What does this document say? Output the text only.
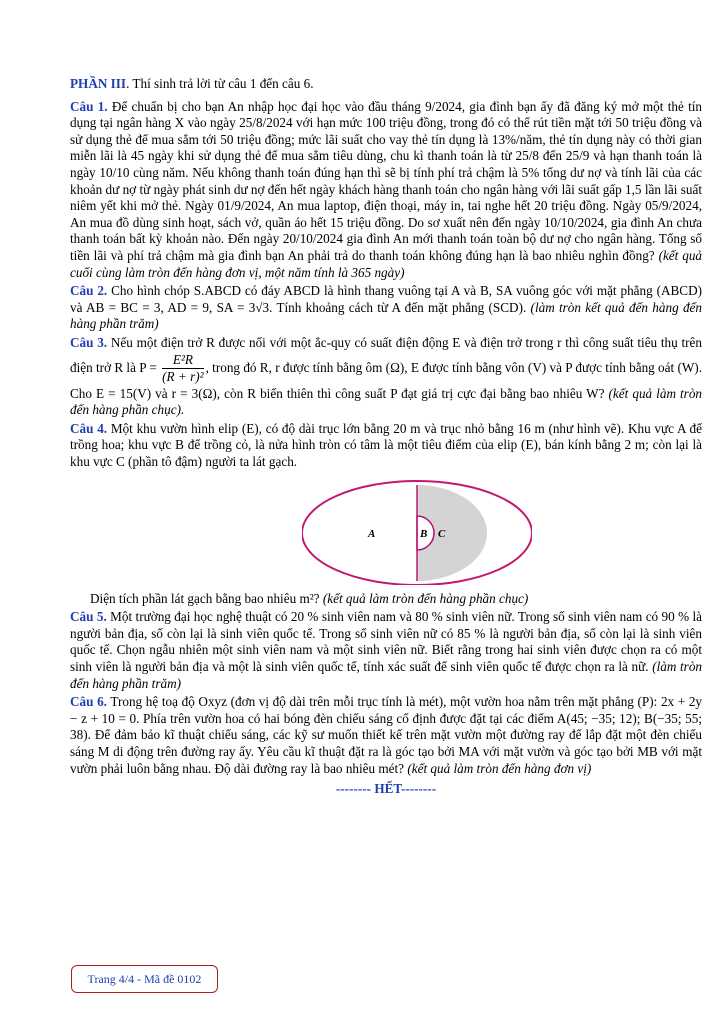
PHẦN III. Thí sinh trả lời từ câu 1 đến câu 6.

Câu 1. Để chuẩn bị cho bạn An nhập học đại học vào đầu tháng 9/2024, gia đình bạn ấy đã đăng ký mở một thẻ tín dụng tại ngân hàng X vào ngày 25/8/2024 với hạn mức 100 triệu đồng, trong đó có thể rút tiền mặt tới 50 triệu đồng và sử dụng thẻ để mua sắm tới 50 triệu đồng; mức lãi suất cho vay thẻ tín dụng là 13%/năm, thẻ tín dụng này có thời gian miễn lãi là 45 ngày khi sử dụng thẻ để mua sắm tiêu dùng, chu kì thanh toán là từ 25/8 đến 25/9 và hạn thanh toán là ngày 10/10 cùng năm. Nếu không thanh toán đúng hạn thì sẽ bị tính phí trả chậm là 5% tổng dư nợ và tính lãi của các khoản dư nợ từ ngày phát sinh dư nợ đến hết ngày khách hàng thanh toán cho ngân hàng với lãi suất gấp 1,5 lần lãi suất niêm yết khi mở thẻ. Ngày 01/9/2024, An mua laptop, điện thoại, máy in, tai nghe hết 20 triệu đồng. Ngày 05/9/2024, An mua đồ dùng sinh hoạt, sách vở, quần áo hết 15 triệu đồng. Do sơ xuất nên đến ngày 10/10/2024, gia đình An chưa thanh toán bất kỳ khoản nào. Đến ngày 20/10/2024 gia đình An mới thanh toán toàn bộ dư nợ cho ngân hàng. Tổng số tiền lãi và phí trả chậm mà gia đình bạn An phải trả do thanh toán không đúng hạn là bao nhiêu nghìn đồng? (kết quả cuối cùng làm tròn đến hàng đơn vị, một năm tính là 365 ngày)

Câu 2. Cho hình chóp S.ABCD có đáy ABCD là hình thang vuông tại A và B, SA vuông góc với mặt phẳng (ABCD) và AB = BC = 3, AD = 9, SA = 3√3. Tính khoảng cách từ A đến mặt phẳng (SCD). (làm tròn kết quả đến hàng đến hàng phần trăm)

Câu 3. Nếu một điện trở R được nối với một ắc-quy có suất điện động E và điện trở trong r thì công suất tiêu thụ trên điện trở R là $P = \frac{\text{E²R}}{\text{(R + r)²}}$ , trong đó R, r được tính bằng ôm (Ω), E được tính bằng vôn (V) và P được tính bằng oát (W). Cho E = 15(V) và r = 3(Ω), còn R biến thiên thì công suất P đạt giá trị cực đại bằng bao nhiêu W? (kết quả làm tròn đến hàng phần chục).

Câu 4. Một khu vườn hình elip (E), có độ dài trục lớn bằng 20 m và trục nhỏ bằng 16 m (như hình vẽ). Khu vực A để trồng hoa; khu vực B để trồng cỏ, là nửa hình tròn có tâm là một tiêu điểm của elip (E), bán kính bằng 2 m; còn lại là khu vực C (phần tô đậm) người ta lát gạch.

A	B C

Diện tích phần lát gạch bằng bao nhiêu m²? (kết quả làm tròn đến hàng phần chục)

Câu 5. Một trường đại học nghệ thuật có 20 % sinh viên nam và 80 % sinh viên nữ. Trong số sinh viên nam có 90 % là người bản địa, số còn lại là sinh viên quốc tế. Trong số sinh viên nữ có 85 % là người bản địa, số còn lại là sinh viên quốc tế. Chọn ngẫu nhiên một sinh viên nam và một sinh viên nữ. Biết rằng trong hai sinh viên được chọn ra có một sinh viên là người bản địa và một là sinh viên quốc tế, tính xác suất để sinh viên quốc tế được chọn ra là nữ. (làm tròn đến hàng phần trăm)

Câu 6. Trong hệ toạ độ Oxyz (đơn vị độ dài trên mỗi trục tính là mét), một vườn hoa nằm trên mặt phẳng (P): 2x + 2y − z + 10 = 0. Phía trên vườn hoa có hai bóng đèn chiếu sáng cố định được đặt tại các điểm A(45; −35; 12); B(−35; 55; 38). Để đảm bảo kĩ thuật chiếu sáng, các kỹ sư muốn thiết kế trên mặt vườn một đường ray để lắp đặt một đèn chiếu sáng M di động trên đường ray ấy. Yêu cầu kĩ thuật đặt ra là góc tạo bởi MA với mặt vườn và góc tạo bởi MB với mặt vườn phải luôn bằng nhau. Độ dài đường ray là bao nhiêu mét? (kết quả làm tròn đến hàng đơn vị)

-------- HẾT--------

Trang 4/4 - Mã đề 0102
